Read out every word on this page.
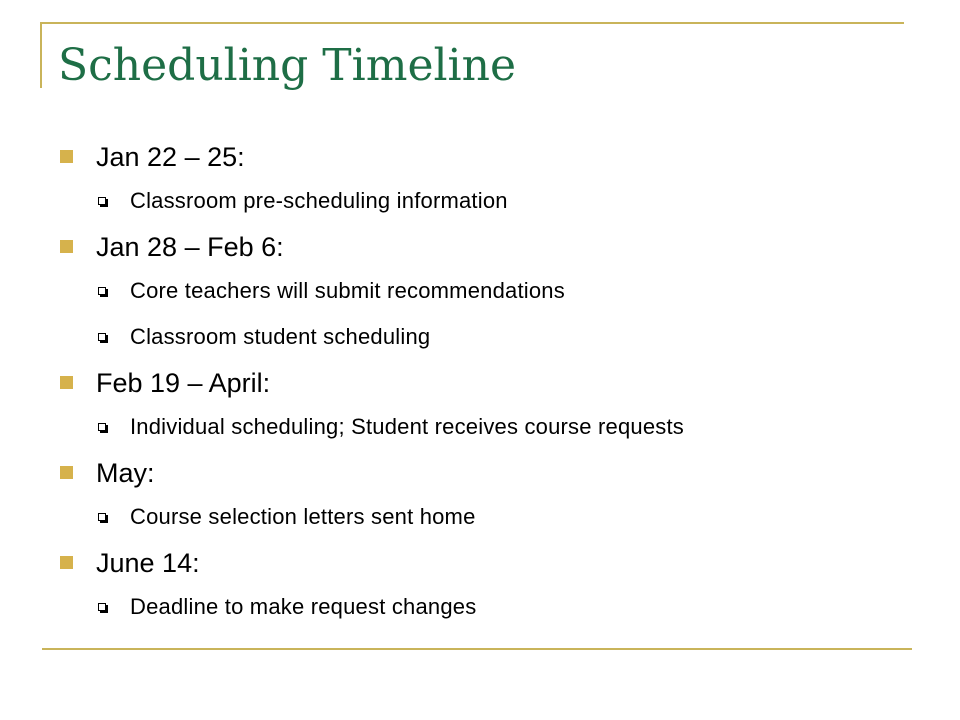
Scheduling Timeline
Jan 22 – 25:
Classroom pre-scheduling information
Jan 28 – Feb 6:
Core teachers will submit recommendations
Classroom student scheduling
Feb 19 – April:
Individual scheduling; Student receives course requests
May:
Course selection letters sent home
June 14:
Deadline to make request changes
